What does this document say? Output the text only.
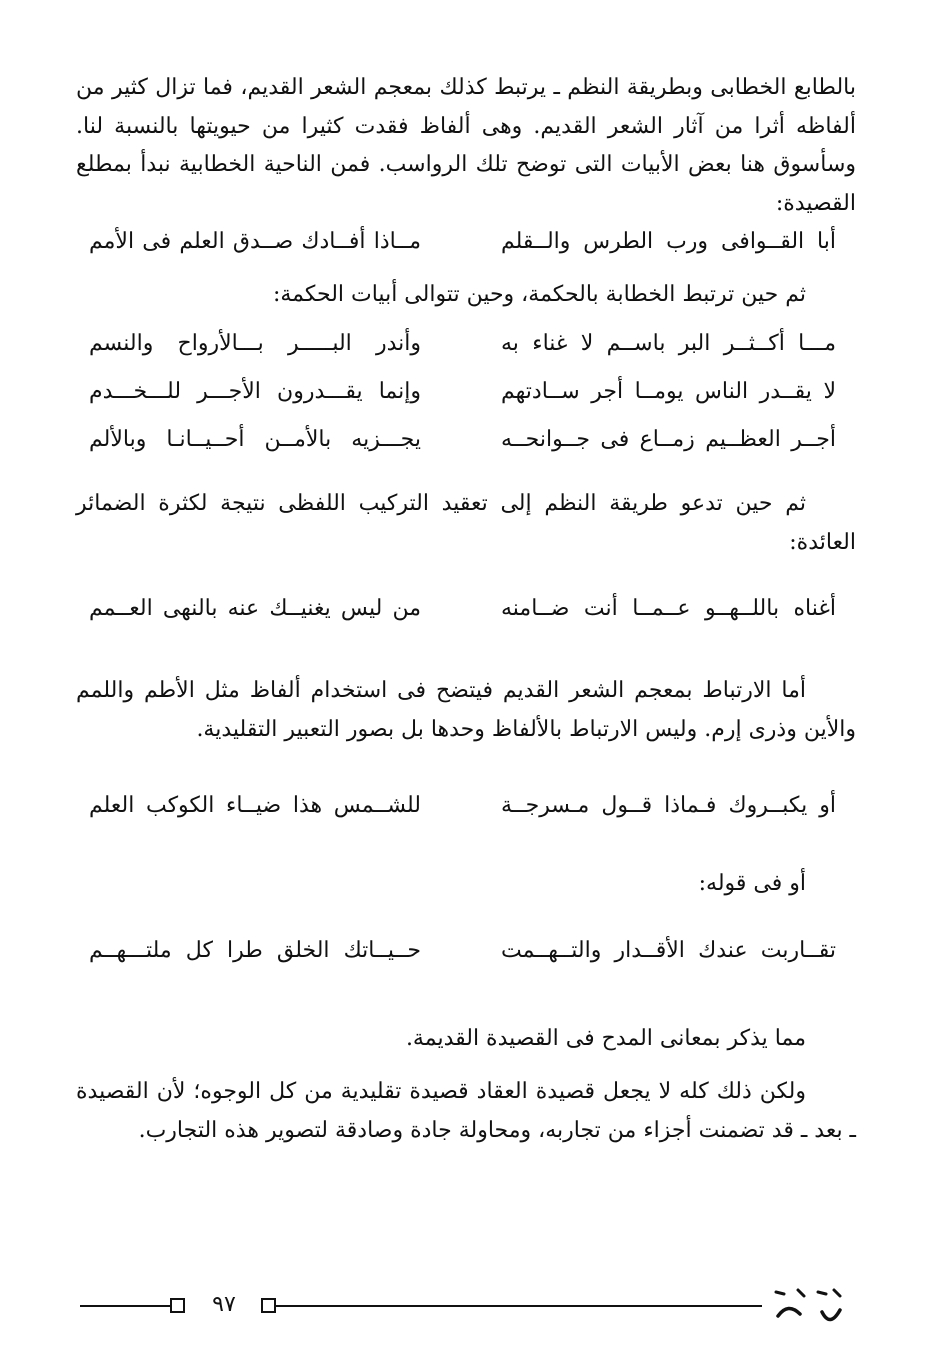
بالطابع الخطابى وبطريقة النظم ـ يرتبط كذلك بمعجم الشعر القديم، فما تزال كثير من ألفاظه أثرا من آثار الشعر القديم. وهى ألفاظ فقدت كثيرا من حيويتها بالنسبة لنا. وسأسوق هنا بعض الأبيات التى توضح تلك الرواسب. فمن الناحية الخطابية نبدأ بمطلع القصيدة:

أبا القــوافى ورب الطرس والــقلم
مــاذا أفــادك صــدق العلم فى الأمم

ثم حين ترتبط الخطابة بالحكمة، وحين تتوالى أبيات الحكمة:

مـــا أكــثــر البر باســم لا غناء به
وأندر البـــــر بـــالأرواح والنسم
لا يقــدر الناس يومــا أجر ســادتهم
وإنما يقـــدرون الأجـــر للـــخـــدم
أجــر العظــيم زمــاع فى جــوانحــه
يجـــزيه بالأمــن أحــيــانـا وبالألم

ثم حين تدعو طريقة النظم إلى تعقيد التركيب اللفظى نتيجة لكثرة الضمائر العائدة:

أغناه باللــهــو عــمــا أنت ضــامنه
من ليس يغنيــك عنه بالنهى العــمم

أما الارتباط بمعجم الشعر القديم فيتضح فى استخدام ألفاظ مثل الأطم واللمم والأين وذرى إرم. وليس الارتباط بالألفاظ وحدها بل بصور التعبير التقليدية.

أو يكبــروك فـماذا قــول مـسرجــة
للشــمس هذا ضيــاء الكوكب العلم

أو فى قوله:

تقــاربت عندك الأقــدار والتــهــمت
حــيــاتك الخلق طرا كل ملتـــهــم

مما يذكر بمعانى المدح فى القصيدة القديمة.

ولكن ذلك كله لا يجعل قصيدة العقاد قصيدة تقليدية من كل الوجوه؛ لأن القصيدة ـ بعد ـ قد تضمنت أجزاء من تجاربه، ومحاولة جادة وصادقة لتصوير هذه التجارب.

٩٧
